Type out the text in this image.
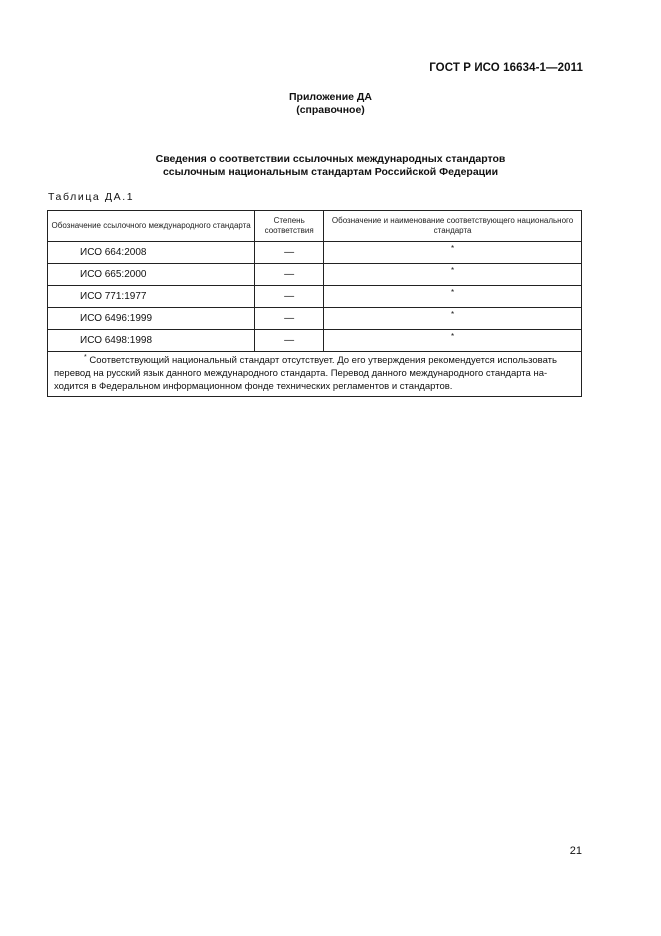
ГОСТ Р ИСО 16634-1—2011
Приложение ДА
(справочное)
Сведения о соответствии ссылочных международных стандартов
ссылочным национальным стандартам Российской Федерации
Таблица ДА.1
Обозначение ссылочного международного стандарта	Степень соответствия	Обозначение и наименование соответствующего национального стандарта
ИСО 664:2008	—	*
ИСО 665:2000	—	*
ИСО 771:1977	—	*
ИСО 6496:1999	—	*
ИСО 6498:1998	—	*

* Соответствующий национальный стандарт отсутствует. До его утверждения рекомендуется использовать
перевод на русский язык данного международного стандарта. Перевод данного международного стандарта на-
ходится в Федеральном информационном фонде технических регламентов и стандартов.		
21
